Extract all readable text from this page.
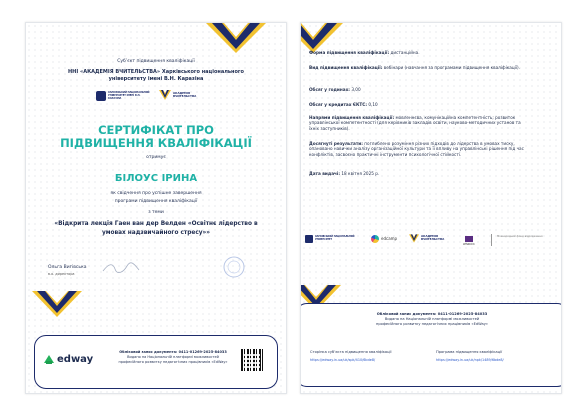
Суб’єкт підвищення кваліфікації
ННІ «АКАДЕМІЯ ВЧИТЕЛЬСТВА» Харківського національного
університету імені В.Н. Каразіна
ХАРКІВСЬКИЙ НАЦІОНАЛЬНИЙ УНІВЕРСИТЕТ ІМЕНІ В.Н. КАРАЗІНА
АКАДЕМІЯ ВЧИТЕЛЬСТВА
СЕРТИФІКАТ ПРО
ПІДВИЩЕННЯ КВАЛІФІКАЦІЇ
отримує
БІЛОУС ІРИНА
як свідчення про успішне завершення
програми підвищення кваліфікації
з теми
«Відкрита лекція Гаен ван дер Велден «Освітнє лідерство в
умовах надзвичайного стресу»»
Ольга Вигівська
в.о. директора
edway
Обліковий запис документа: 0411-01269-2025-84033
Видано на Національній платформі можливостей
професійного розвитку педагогічних працівників «EdWay»
Форма підвищення кваліфікації: дистанційна.
Вид підвищення кваліфікації: вебінари (навчання за програмами підвищення кваліфікації).
Обсяг у годинах: 3,00
Обсяг у кредитах ЄКТС: 0,10
Напрями підвищення кваліфікації: мовленнєва, комунікаційна компетентність; розвиток управлінської компетентності (для керівників закладів освіти, науково-методичних установ та їхніх заступників).
Досягнуті результати: поглиблено розуміння різних підходів до лідерства в умовах тиску, опановано навички аналізу організаційної культури та її впливу на управлінські рішення під час конфліктів, засвоєно практичні інструменти психологічної стійкості.
Дата видачі: 18 квітня 2025 р.
ХАРКІВСЬКИЙ НАЦІОНАЛЬНИЙ УНІВЕРСИТЕТ	edcamp	АКАДЕМІЯ ВЧИТЕЛЬСТВА
WINROCK
Міжнародний фонд відродження
Обліковий запис документа: 0411-01269-2025-84033
Видано на Національній платформі можливостей
професійного розвитку педагогічних працівників «EdWay»
Сторінка суб’єкта підвищення кваліфікації
https://edway.in.ua/uk/spk/410/6bde8/
Програма підвищення кваліфікації
https://edway.in.ua/uk/npk/1489/6bde8/
